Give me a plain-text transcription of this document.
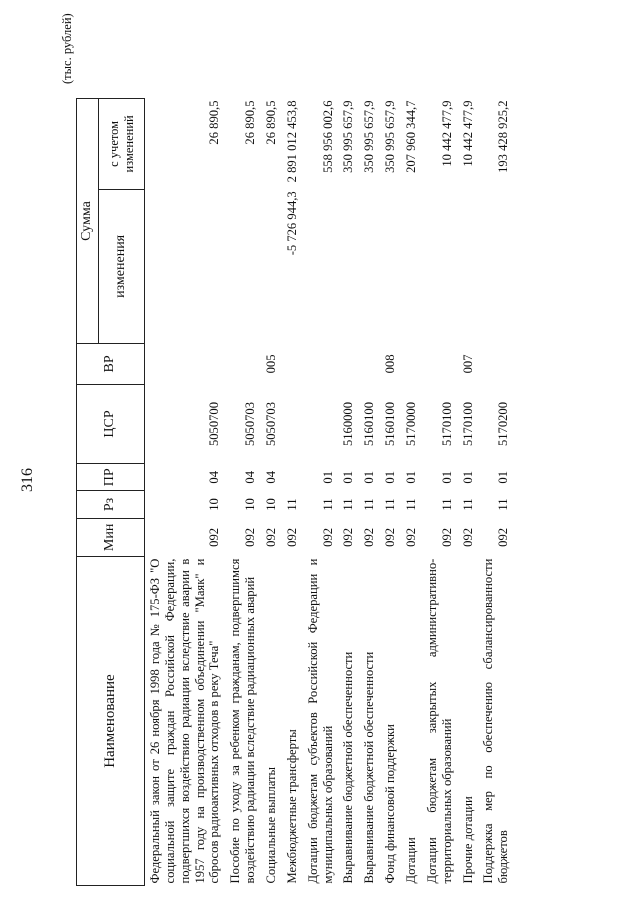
316
(тыс. рублей)
Наименование	Мин	Рз	ПР	ЦСР	ВР	Сумма	
						изменения	с учетом изменений
Федеральный закон от 26 ноября 1998 года № 175-ФЗ "О социальной защите граждан Российской Федерации, подвергшихся воздействию радиации вследствие аварии в 1957 году на производственном объединении "Маяк" и сбросов радиоактивных отходов в реку Теча"	092	10	04	5050700			26 890,5
Пособие по уходу за ребенком гражданам, подвергшимся воздействию радиации вследствие радиационных аварий	092	10	04	5050703			26 890,5
Социальные выплаты	092	10	04	5050703	005		26 890,5
Межбюджетные трансферты	092	11				-5 726 944,3	2 891 012 453,8
Дотации бюджетам субъектов Российской Федерации и муниципальных образований	092	11	01				558 956 002,6
Выравнивание бюджетной обеспеченности	092	11	01	5160000			350 995 657,9
Выравнивание бюджетной обеспеченности	092	11	01	5160100			350 995 657,9
Фонд финансовой поддержки	092	11	01	5160100	008		350 995 657,9
Дотации	092	11	01	5170000			207 960 344,7
Дотации бюджетам закрытых административно-территориальных образований	092	11	01	5170100			10 442 477,9
Прочие дотации	092	11	01	5170100	007		10 442 477,9
Поддержка мер по обеспечению сбалансированности бюджетов	092	11	01	5170200			193 428 925,2
